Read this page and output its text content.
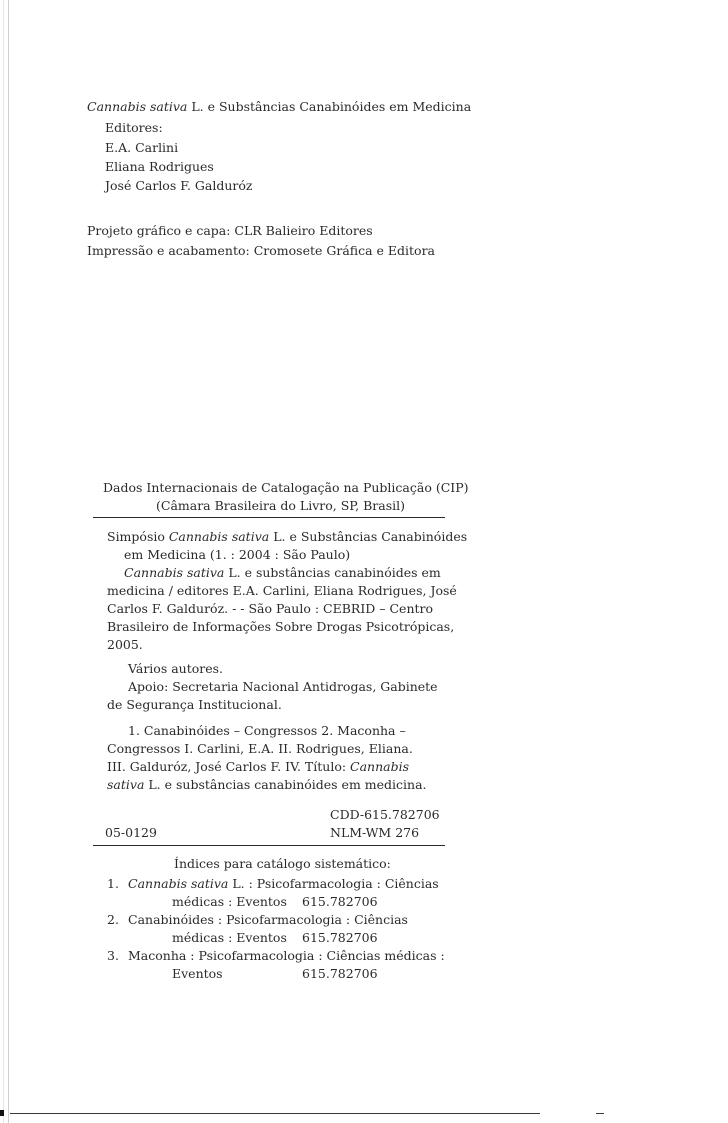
Cannabis sativa L. e Substâncias Canabinóides em Medicina
Editores:
E.A. Carlini
Eliana Rodrigues
José Carlos F. Galduróz
Projeto gráfico e capa: CLR Balieiro Editores
Impressão e acabamento: Cromosete Gráfica e Editora
Dados Internacionais de Catalogação na Publicação (CIP)
(Câmara Brasileira do Livro, SP, Brasil)
Simpósio Cannabis sativa L. e Substâncias Canabinóides
em Medicina (1. : 2004 : São Paulo)
Cannabis sativa L. e substâncias canabinóides em
medicina / editores E.A. Carlini, Eliana Rodrigues, José
Carlos F. Galduróz. - - São Paulo : CEBRID – Centro
Brasileiro de Informações Sobre Drogas Psicotrópicas,
2005.
Vários autores.
Apoio: Secretaria Nacional Antidrogas, Gabinete
de Segurança Institucional.
1. Canabinóides – Congressos 2. Maconha –
Congressos I. Carlini, E.A. II. Rodrigues, Eliana.
III. Galduróz, José Carlos F. IV. Título: Cannabis
sativa L. e substâncias canabinóides em medicina.
CDD-615.782706
05-0129	NLM-WM 276
Índices para catálogo sistemático:
1. Cannabis sativa L. : Psicofarmacologia : Ciências
médicas : Eventos 615.782706
2. Canabinóides : Psicofarmacologia : Ciências
médicas : Eventos 615.782706
3. Maconha : Psicofarmacologia : Ciências médicas :
Eventos	615.782706
